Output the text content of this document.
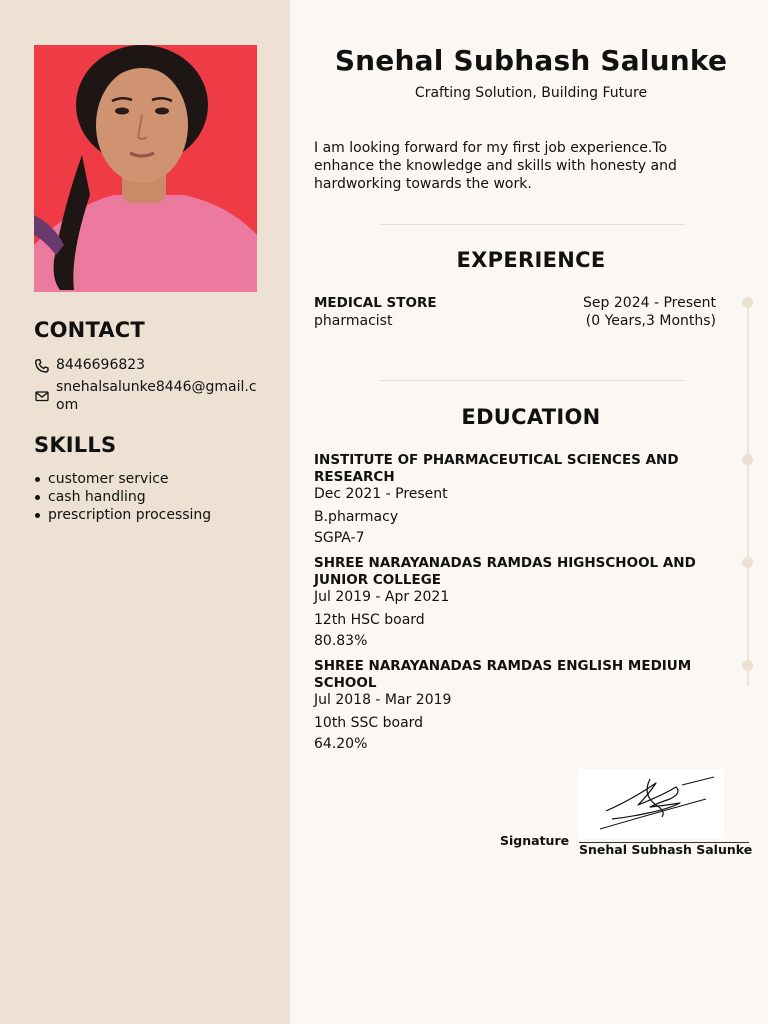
CONTACT
8446696823
snehalsalunke8446@gmail.com
SKILLS
customer service
cash handling
prescription processing
Snehal Subhash Salunke
Crafting Solution, Building Future
I am looking forward for my first job experience.To enhance the knowledge and skills with honesty and hardworking towards the work.
EXPERIENCE
MEDICAL STORE
pharmacist
Sep 2024 - Present
(0 Years,3 Months)
EDUCATION
INSTITUTE OF PHARMACEUTICAL SCIENCES AND RESEARCH
Dec 2021 - Present
B.pharmacy
SGPA-7
SHREE NARAYANADAS RAMDAS HIGHSCHOOL AND JUNIOR COLLEGE
Jul 2019 - Apr 2021
12th HSC board
80.83%
SHREE NARAYANADAS RAMDAS ENGLISH MEDIUM SCHOOL
Jul 2018 - Mar 2019
10th SSC board
64.20%
Signature
Snehal Subhash Salunke
